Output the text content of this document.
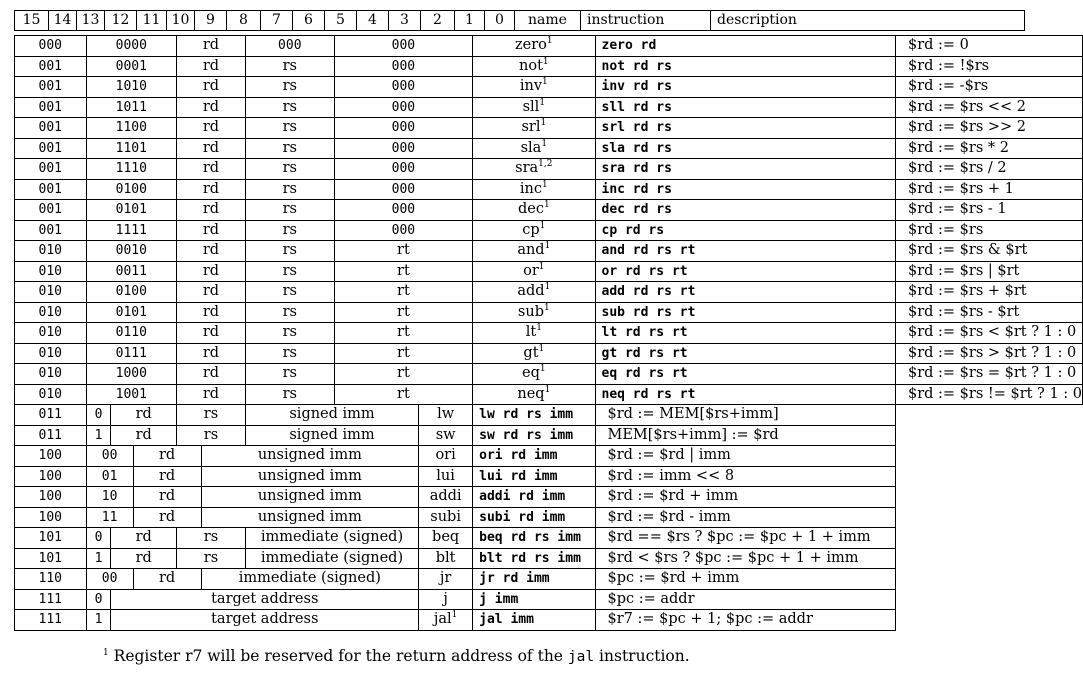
15	14	13	12	11	10	9	8	7	6	5	4	3	2	1	0	name	instruction	description
000	0000			rd		000	000		zero$^1$	zero rd	$rd := 0
001	0001			rd		rs	000		not$^1$	not rd rs	$rd := !$rs
001	1010			rd		rs	000		inv$^1$	inv rd rs	$rd := -$rs
001	1011			rd		rs	000		sll$^1$	sll rd rs	$rd := $rs << 2
001	1100			rd		rs	000		srl$^1$	srl rd rs	$rd := $rs >> 2
001	1101			rd		rs	000		sla$^1$	sla rd rs	$rd := $rs * 2
001	1110			rd		rs	000		sra$^{1,2}$	sra rd rs	$rd := $rs / 2
001	0100			rd		rs	000		inc$^1$	inc rd rs	$rd := $rs + 1
001	0101			rd		rs	000		dec$^1$	dec rd rs	$rd := $rs - 1
001	1111			rd		rs	000		$cp^1$	cp rd rs	$rd := $rs
010	0010			rd		rs	rt		and$^1$	and rd rs rt	$rd := $rs & $rt
010	0011			rd		rs	rt		$or^1$	or rd rs rt	$rd := $rs | $rt
010	0100			rd		rs	rt		add$^1$	add rd rs rt	$rd := $rs + $rt
010	0101			rd		rs	rt		sub$^1$	sub rd rs rt	$rd := $rs - $rt
010	0110			rd		rs	rt		$lt^1$	lt rd rs rt	$rd := $rs < $rt ? 1 : 0
010	0111			rd		rs	rt		$gt^1$	gt rd rs rt	$rd := $rs > $rt ? 1 : 0
010	1000			rd		rs	rt		$eq^1$	eq rd rs rt	$rd := $rs = $rt ? 1 : 0
010	1001			rd		rs	rt		neq$^1$	neq rd rs rt	$rd := $rs != $rt ? 1 : 0
011	0	rd		rs		signed imm		lw	lw rd rs imm	$rd := MEM[$rs+imm]	
011	1	rd		rs		signed imm		sw	sw rd rs imm	MEM[$rs+imm] := $rd	
100	00		rd		unsigned imm			ori	ori rd imm	$rd := $rd | imm	
100	01		rd		unsigned imm			lui	lui rd imm	$rd := imm << 8	
100	10		rd		unsigned imm			addi	addi rd imm	$rd := $rd + imm	
100	11		rd		unsigned imm			subi	subi rd imm	$rd := $rd - imm	
101	0	rd		rs		immediate (signed)		beq	beq rd rs imm	$rd == $rs ? $pc := $pc + 1 + imm	
101	1	rd		rs		immediate (signed)		blt	blt rd rs imm	$rd < $rs ? $pc := $pc + 1 + imm	
110	00		rd		immediate (signed)			jr	jr rd imm	$pc := $rd + imm	
111	0	target address						j	j imm	$pc := addr	
111	1	target address						jal$^1$	jal imm	$r7 := $pc + 1; $pc := addr	
$^1$ Register r7 will be reserved for the return address of the jal instruction.
